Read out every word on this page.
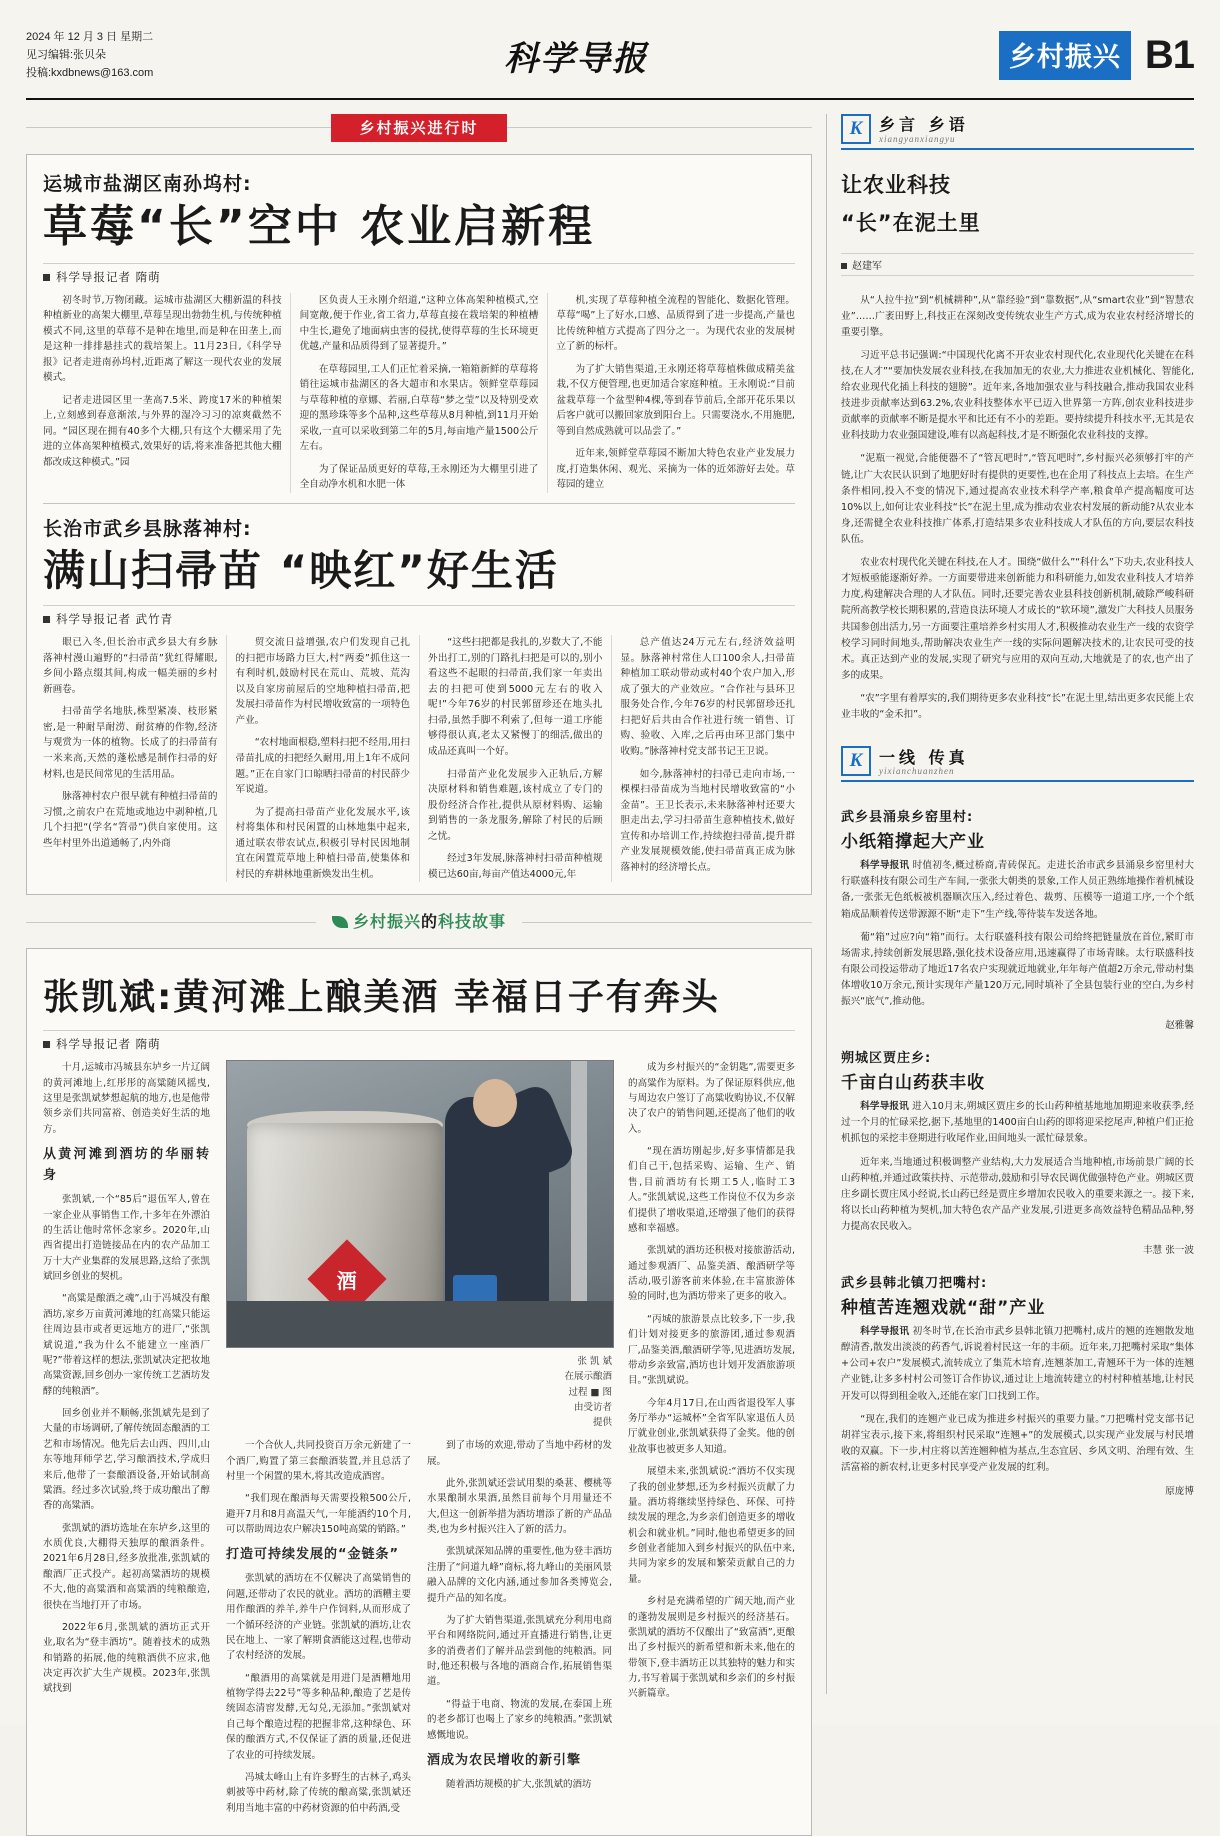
2024 年 12 月 3 日 星期二
见习编辑:张贝朵
投稿:kxdbnews@163.com	科学导报	乡村振兴 B1
乡村振兴进行时
运城市盐湖区南孙坞村:
草莓“长”空中 农业启新程
科学导报记者 隋萌

初冬时节,万物闭藏。运城市盐湖区大棚新温的科技种植新业的高架大棚里,草莓呈现出勃勃生机,与传统种植模式不同,这里的草莓不是种在地里,而是种在田垄上,而是这种一排排悬挂式的栽培架上。11月23日,《科学导报》记者走进南孙坞村,近距离了解这一现代农业的发展模式。

记者走进园区里一垄高7.5米、跨度17米的种植架上,立刻感到春意渐浓,与外界的湿冷习习的凉爽截然不同。“园区现在拥有40多个大棚,只有这个大棚采用了先进的立体高架种植模式,效果好的话,将来准备把其他大棚都改成这种模式。”园

区负责人王永刚介绍道,“这种立体高架种植模式,空间宽敞,便于作业,省工省力,草莓直接在栽培架的种植槽中生长,避免了地面病虫害的侵扰,使得草莓的生长环境更优越,产量和品质得到了显著提升。”

在草莓园里,工人们正忙着采摘,一箱箱新鲜的草莓将销往运城市盐湖区的各大超市和水果店。领鲜堂草莓园与草莓种植的章娜、若丽,白草莓“梦之莹”以及特别受欢迎的黑珍珠等多个品种,这些草莓从8月种植,到11月开始采收,一直可以采收到第二年的5月,每亩地产量1500公斤左右。

为了保证品质更好的草莓,王永刚还为大棚里引进了全自动净水机和水肥一体

机,实现了草莓种植全流程的智能化、数据化管理。草莓“喝”上了好水,口感、品质得到了进一步提高,产量也比传统种植方式提高了四分之一。为现代农业的发展树立了新的标杆。

为了扩大销售渠道,王永刚还将草莓植株做成精美盆栽,不仅方便管理,也更加适合家庭种植。王永刚说:“目前盆栽草莓一个盆型种4棵,等到春节前后,全部开花乐果以后客户就可以搬回家放到阳台上。只需要浇水,不用施肥,等到自然成熟就可以品尝了。”

近年来,领鲜堂草莓园不断加大特色农业产业发展力度,打造集休闲、观光、采摘为一体的近郊游好去处。草莓园的建立

长治市武乡县脉落神村:
满山扫帚苗 “映红”好生活
科学导报记者 武竹青

眼已入冬,但长治市武乡县大有乡脉落神村漫山遍野的“扫帚苗”犹红得耀眼,乡间小路点缀其间,构成一幅美丽的乡村新画卷。

扫帚苗学名地肤,株型紧凑、枝形紧密,是一种耐旱耐涝、耐贫瘠的作物,经济与观赏为一体的植物。长成了的扫帚苗有一米来高,天然的蓬松感是制作扫帚的好材料,也是民间常见的生活用品。

脉落神村农户很早就有种植扫帚苗的习惯,之前农户在荒地或地边中剥种植,几几个扫把“(学名“笤帚”)供自家使用。这些年村里外出道通畅了,内外商

贸交流日益增强,农户们发现自己扎的扫把市场路力巨大,村“两委”抓住这一有利时机,鼓励村民在荒山、荒坡、荒沟以及自家房前屋后的空地种植扫帚苗,把发展扫帚苗作为村民增收致富的一项特色产业。

“农村地面根稳,塑料扫把不经用,用扫帚苗扎成的扫把经久耐用,用上1年不成问题。”正在自家门口晾晒扫帚苗的村民薛少军说道。

为了提高扫帚苗产业化发展水平,该村将集体和村民闲置的山林地集中起来,通过联农带农试点,积极引导村民因地制宜在闲置荒草地上种植扫帚苗,使集体和村民的弃耕林地重新焕发出生机。

“这些扫把都是我扎的,岁数大了,不能外出打工,别的门路扎扫把是可以的,别小看这些不起眼的扫帚苗,我们家一年卖出去的扫把可使到5000元左右的收入呢!”今年76岁的村民郭留珍还在地头扎扫帚,虽然手脚不利索了,但每一道工序能够得很认真,老太又紧慢丁的细活,做出的成品还真叫一个好。

扫帚苗产业化发展步入正轨后,方解决原材料和销售难题,该村成立了专门的股份经济合作社,提供从原材料购、运输到销售的一条龙服务,解除了村民的后顾之忧。

经过3年发展,脉落神村扫帚苗种植规模已达60亩,每亩产值达4000元,年

总产值达24万元左右,经济效益明显。脉落神村常住人口100余人,扫帚苗种植加工联动带动或村40个农户加入,形成了强大的产业效应。“合作社与县环卫服务处合作,今年76岁的村民郭留珍还扎扫把好后共由合作社进行统一销售、订购、验收、入库,之后再由环卫部门集中收购。”脉落神村党支部书记王卫说。

如今,脉落神村的扫帚已走向市场,一棵棵扫帚苗成为当地村民增收致富的“小金苗”。王卫长表示,未来脉落神村还要大胆走出去,学习扫帚苗生意种植技术,做好宣传和办培训工作,持续抱扫帚苗,提升群产业发展规模效能,使扫帚苗真正成为脉落神村的经济增长点。

乡村振兴的科技故事
张凯斌:黄河滩上酿美酒 幸福日子有奔头
科学导报记者 隋萌

十月,运城市冯城县东垆乡一片辽阔的黄河滩地上,红彤彤的高粱随风摇曳,这里是张凯斌梦想起航的地方,也是他带领乡亲们共同富裕、创造美好生活的地方。

从黄河滩到酒坊的华丽转身

张凯斌,一个“85后”退伍军人,曾在一家企业从事销售工作,十多年在外漂泊的生活让他时常怀念家乡。2020年,山西省提出打造链接品在内的农产品加工万十大产业集群的发展思路,这给了张凯斌回乡创业的契机。

“高粱是酿酒之魂”,山于冯城没有酿酒坊,家乡万亩黄河滩地的红高粱只能运往周边县市或者更远地方的进厂,“张凯斌说道,“我为什么不能建立一座酒厂呢?”带着这样的想法,张凯斌决定把妆地高粱资源,回乡创办一家传统工艺酒坊发酵的纯粮酒”。

回乡创业并不顺畅,张凯斌先是到了大量的市场调研,了解传统固态酿酒的工艺和市场情况。他先后去山西、四川,山东等地拜师学艺,学习酿酒技术,学成归来后,他带了一套酿酒设备,开始试制高粱酒。经过多次试验,终于成功酿出了醇香的高粱酒。

张凯斌的酒坊选址在东垆乡,这里的水质优良,大棚得天独厚的酿酒条件。2021年6月28日,经多放批准,张凯斌的酿酒厂正式投产。起初高粱酒坊的规模不大,他的高粱酒和高粱酒的纯粮酿造,很快在当地打开了市场。

2022年6月,张凯斌的酒坊正式开业,取名为“登丰酒坊”。随着技术的成熟和销路的拓展,他的纯粮酒供不应求,他决定再次扩大生产规模。2023年,张凯斌找到

酒
张 凯 斌
在展示酿酒
过程 ■ 图
由受访者
提供

一个合伙人,共同投资百万余元新建了一个酒厂,购置了第三套酿酒装置,并且总活了村里一个闲置的果木,将其改造成酒窖。

“我们现在酿酒每天需要投粮500公斤,避开7月和8月高温天气,一年能酒约10个月,可以帮助周边农户解决150吨高粱的销路。”

打造可持续发展的“金链条”

张凯斌的酒坊在不仅解决了高粱销售的问题,还带动了农民的就业。酒坊的酒糟主要用作酿酒的养羊,养牛户作饲料,从而形成了一个循环经济的产业链。张凯斌的酒坊,让农民在地上、一家了解期食酒能这过程,也带动了农村经济的发展。

“酿酒用的高粱就是用进门是酒糟地用植物学得去22号”等多种品种,酿造了艺是传统固态清窖发酵,无勾兑,无添加。”张凯斌对自己每个酿造过程的把握非常,这种绿色、环保的酿酒方式,不仅保证了酒的质量,还促进了农业的可持续发展。

冯城太峰山上有许多野生的古林子,鸡头刺被等中药材,除了传统的酿高粱,张凯斌还利用当地丰富的中药材资源的伯中药酒,受

到了市场的欢迎,带动了当地中药材的发展。

此外,张凯斌还尝试用梨的桑葚、樱桃等水果酿制水果酒,虽然目前每个月用量还不大,但这一创新举措为酒坊增添了新的产品品类,也为乡村振兴注入了新的活力。

张凯斌深知品牌的重要性,他为登丰酒坊注册了“问道九峰”商标,将九峰山的美丽风景融入品牌的文化内涵,通过参加各类博览会,提升产品的知名度。

为了扩大销售渠道,张凯斌充分利用电商平台和网络院问,通过开直播进行销售,让更多的消费者们了解并品尝到他的纯粮酒。同时,他还积极与各地的酒商合作,拓展销售渠道。

“得益于电商、物流的发展,在泰国上班的老乡都订也喝上了家乡的纯粮酒。”张凯斌感慨地说。

酒成为农民增收的新引擎

随着酒坊规模的扩大,张凯斌的酒坊

成为乡村振兴的“金钥匙”,需要更多的高粱作为原料。为了保证原料供应,他与周边农户签订了高粱收购协议,不仅解决了农户的销售问题,还提高了他们的收入。

“现在酒坊刚起步,好多事情都是我们自己干,包括采购、运输、生产、销售,目前酒坊有长期工5人,临时工3人。”张凯斌说,这些工作岗位不仅为乡亲们提供了增收渠道,还增强了他们的获得感和幸福感。

张凯斌的酒坊还积极对接旅游活动,通过参观酒厂、品鉴美酒、酿酒研学等活动,吸引游客前来体验,在丰富旅游体验的同时,也为酒坊带来了更多的收入。

“丙城的旅游景点比较多,下一步,我们计划对接更多的旅游团,通过参观酒厂,品鉴美酒,酿酒研学等,见进酒坊发展,带动乡亲致富,酒坊也计划开发酒旅游项目。”张凯斌说。

今年4月17日,在山西省退役军人事务厅举办“运城杯”全省军队家退伍人员厅就业创业,张凯斌获得了金奖。他的创业故事也被更多人知道。

展望未来,张凯斌说:“酒坊不仅实现了我的创业梦想,还为乡村振兴贡献了力量。酒坊将继续坚持绿色、环保、可持续发展的理念,为乡亲们创造更多的增收机会和就业机。”同时,他也希望更多的回乡创业者能加入到乡村振兴的队伍中来,共同为家乡的发展和繁荣贡献自己的力量。

乡村是充满希望的广阔天地,而产业的蓬勃发展则是乡村振兴的经济基石。张凯斌的酒坊不仅酿出了“致富酒”,更酿出了乡村振兴的新希望和新未来,他在的带领下,登丰酒坊正以其独特的魅力和实力,书写着属于张凯斌和乡亲们的乡村振兴新篇章。

K	乡言 乡语
xiangyanxiangyu
让农业科技
“长”在泥土里
赵建军

从“人拉牛拉”到“机械耕种”,从“靠经验”到“靠数据”,从“smart农业”到“智慧农业”……广袤田野上,科技正在深刻改变传统农业生产方式,成为农业农村经济增长的重要引擎。

习近平总书记强调:“中国现代化离不开农业农村现代化,农业现代化关键在在科技,在人才”“要加快发展农业科技,在我加加无的农业,大力推进农业机械化、智能化,给农业现代化插上科技的翅膀”。近年来,各地加强农业与科技融合,推动我国农业科技进步贡献率达到63.2%,农业科技整体水平已迈入世界第一方阵,创农业科技进步贡献率的贡献率不断是提水平和比还有不小的差距。要持续提升科技水平,无其是农业科技助力农业强国建设,唯有以高起科技,才是不断强化农业科技的支撑。

“泥瓶一视觉,合能便器不了“管瓦吧时”,“管瓦吧时”,乡村振兴必须够打牢的产链,让广大农民认识到了地肥好时有提供的更要性,也在企用了科技点上去培。在生产条件相同,投入不变的情况下,通过提高农业技术科学产率,粮食单产提高幅度可达10%以上,如何让农业科技“长”在泥土里,成为推动农业农村发展的新动能?从农业本身,还需健全农业科技推广体系,打造结果多农业科技成人才队伍的方向,要层农科技队伍。

农业农村现代化关键在科技,在人才。围绕“做什么”“科什么”下功夫,农业科技人才短板亟能逐渐好养。一方面要带进来创新能力和科研能力,如发农业科技人才培养力度,构建解决合理的人才队伍。同时,还要完善农业县科技创新机制,破除严峻科研院所高教学校长期积累的,营造良法环境人才成长的“软环境”,激发广大科技人员服务共国参创出活力,另一方面要注重培养乡村实用人才,积极推动农业生产一线的农资学校学习同时间地头,帮助解决农业生产一线的实际问题解决技术的,让农民可受的技术。真正达到产业的发展,实现了研究与应用的双向互动,大地就是了的农,也产出了多的成果。

“农”字里有着厚实的,我们期待更多农业科技“长”在泥土里,结出更多农民能上农业丰收的“金禾扣”。

K	一线 传真
yixianchuanzhen
武乡县涌泉乡窑里村:
小纸箱撑起大产业

科学导报讯 时值初冬,概过桥商,青砖保瓦。走进长治市武乡县涌泉乡窑里村大行联盛科技有限公司生产车间,一张张大朝类的景象,工作人员正熟练地操作着机械设备,一张张无色纸板被机器顺次压入,经过着色、裁剪、压模等一道道工序,一个个纸箱成品顺着传送带源源不断“走下”生产线,等待装车发送各地。

葡“箱”过应?向“箱”而行。太行联盛科技有限公司给终把链量放在首位,紧盯市场需求,持续创新发展思路,强化技术设备应用,迅速赢得了市场青睐。太行联盛科技有限公司投运带动了地近17名农户实现就近地就业,年年每产值超2万余元,带动村集体增收10万余元,预计实现年产量120万元,同时填补了全县包装行业的空白,为乡村振兴“底气”,推动他。

赵雅馨
朔城区贾庄乡:
千亩白山药获丰收

科学导报讯 进入10月末,朔城区贾庄乡的长山药种植基地地加期迎来收获季,经过一个月的忙碌采挖,据下,基地里的1400亩白山药的即将迎采挖尾声,种植户们正抢机抓包的采挖丰登期进行收尾作业,田间地头一派忙碌景象。

近年来,当地通过积极调整产业结构,大力发展适合当地种植,市场前景广阔的长山药种植,并通过政策扶持、示范带动,鼓励和引导农民调优做强特色产业。朔城区贾庄乡副长贾庄凤小经说,长山药已经是贾庄乡增加农民收入的重要来源之一。接下来,将以长山药种植为契机,加大特色农产品产业发展,引进更多高效益特色精品品种,努力提高农民收入。

丰慧 张一波
武乡县韩北镇刀把嘴村:
种植苦连翘戏就“甜”产业

科学导报讯 初冬时节,在长治市武乡县韩北镇刀把嘴村,成片的翘的连翘散发地醇清香,散发出淡淡的药香气,诉说着村民这一年的丰硕。近年来,刀把嘴村采取“集体+公司+农户”发展模式,流转成立了集荒木培育,连翘茶加工,青翘环干为一体的连翘产业链,让多多村村公司签订合作协议,通过让上地流转建立的村村种植基地,让村民开发可以得到租金收入,还能在家门口找到工作。

“现在,我们的连翘产业已成为推进乡村振兴的重要力量。”刀把嘴村党支部书记胡祥宝表示,接下来,将组织村民采取“连翘+”的发展模式,以实现产业发展与村民增收的双赢。下一步,村庄将以苦连翘种植为基点,生态宜居、乡风文明、治理有效、生活富裕的新农村,让更多村民享受产业发展的红利。

原庞博
